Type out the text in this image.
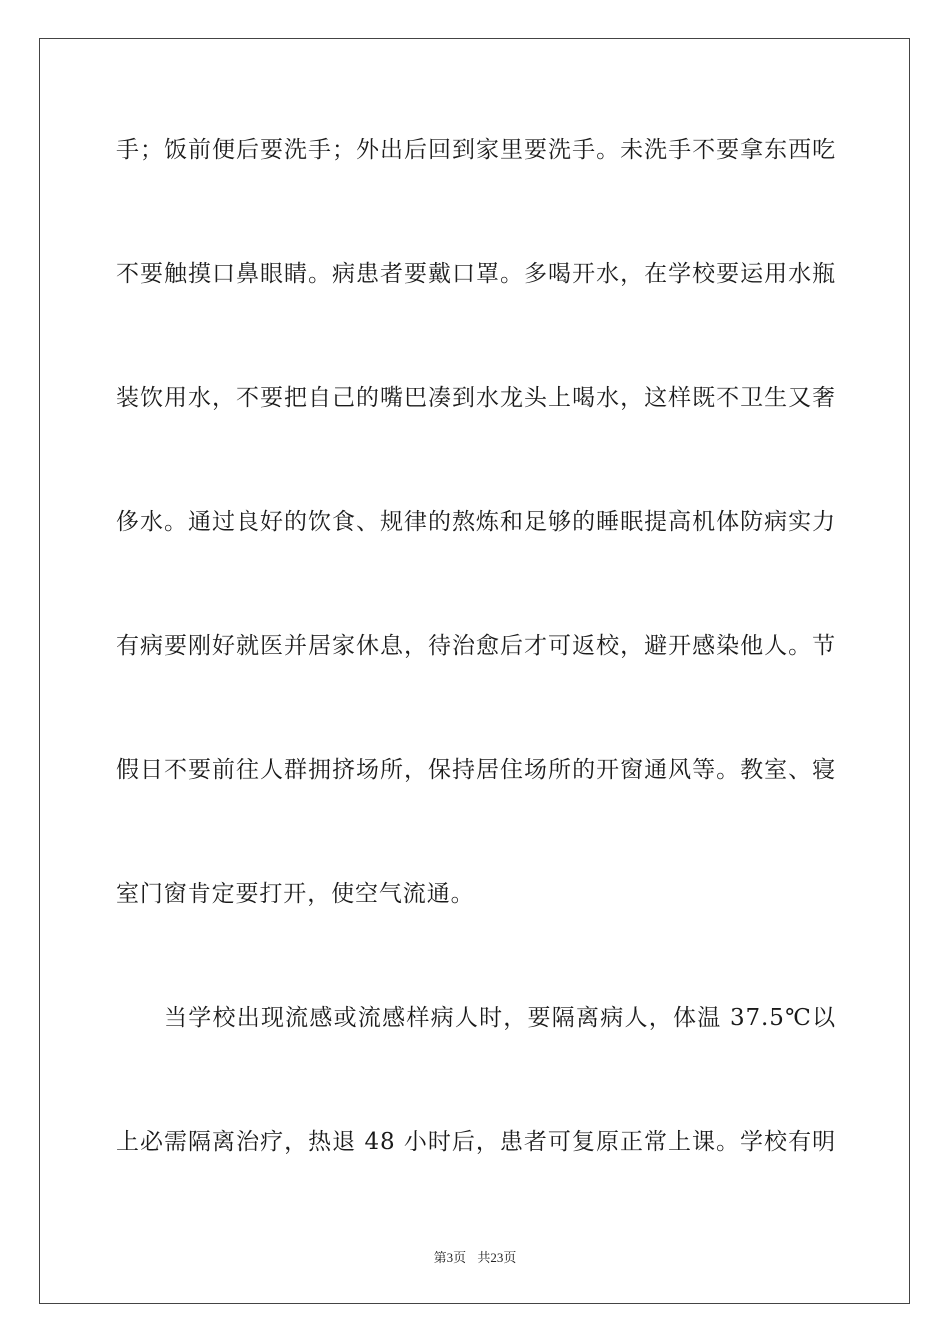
手；饭前便后要洗手；外出后回到家里要洗手。未洗手不要拿东西吃
不要触摸口鼻眼睛。病患者要戴口罩。多喝开水，在学校要运用水瓶
装饮用水，不要把自己的嘴巴凑到水龙头上喝水，这样既不卫生又奢
侈水。通过良好的饮食、规律的熬炼和足够的睡眠提高机体防病实力
有病要刚好就医并居家休息，待治愈后才可返校，避开感染他人。节
假日不要前往人群拥挤场所，保持居住场所的开窗通风等。教室、寝
室门窗肯定要打开，使空气流通。
当学校出现流感或流感样病人时，要隔离病人，体温 37.5℃以
上必需隔离治疗，热退 48 小时后，患者可复原正常上课。学校有明
第3页 共23页
